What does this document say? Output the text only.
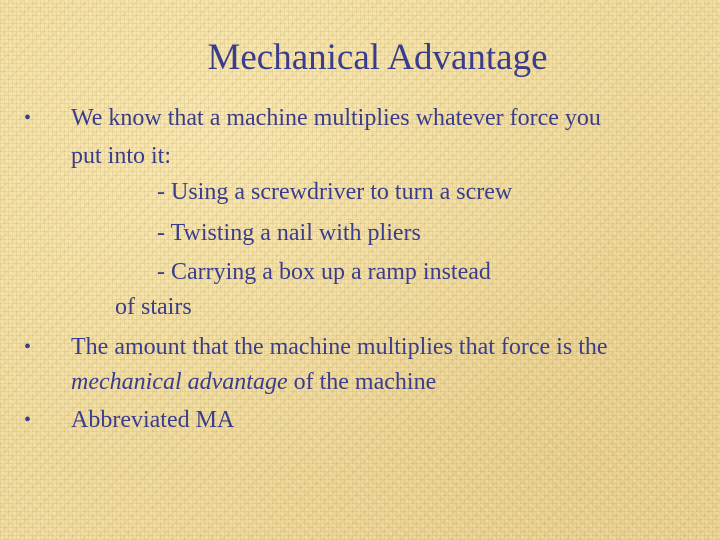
Mechanical Advantage
•	We know that a machine multiplies whatever force you
put into it:
- Using a screwdriver to turn a screw
- Twisting a nail with pliers
- Carrying a box up a ramp instead
of stairs
•	The amount that the machine multiplies that force is the
mechanical advantage of the machine
•	Abbreviated MA
